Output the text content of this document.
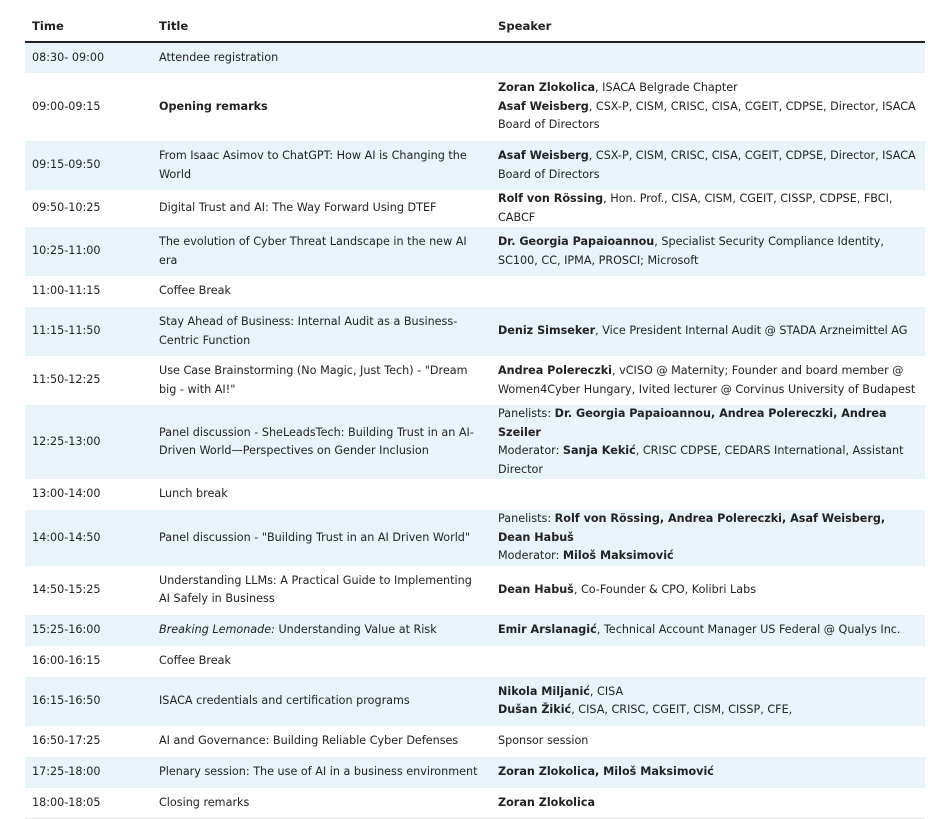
Time	Title	Speaker
08:30- 09:00	Attendee registration	
09:00-09:15	Opening remarks	Zoran Zlokolica, ISACA Belgrade Chapter
Asaf Weisberg, CSX-P, CISM, CRISC, CISA, CGEIT, CDPSE, Director, ISACA Board of Directors

09:15-09:50	From Isaac Asimov to ChatGPT: How AI is Changing the World	Asaf Weisberg, CSX-P, CISM, CRISC, CISA, CGEIT, CDPSE, Director, ISACA Board of Directors

09:50-10:25	Digital Trust and AI: The Way Forward Using DTEF	Rolf von Rössing, Hon. Prof., CISA, CISM, CGEIT, CISSP, CDPSE, FBCI, CABCF

10:25-11:00	The evolution of Cyber Threat Landscape in the new AI era	Dr. Georgia Papaioannou, Specialist Security Compliance Identity, SC100, CC, IPMA, PROSCI; Microsoft

11:00-11:15	Coffee Break	
11:15-11:50	Stay Ahead of Business: Internal Audit as a Business-Centric Function	Deniz Simseker, Vice President Internal Audit @ STADA Arzneimittel AG

11:50-12:25	Use Case Brainstorming (No Magic, Just Tech) - "Dream big - with AI!"	Andrea Polereczki, vCISO @ Maternity; Founder and board member @ Women4Cyber Hungary, Ivited lecturer @ Corvinus University of Budapest

12:25-13:00	Panel discussion - SheLeadsTech: Building Trust in an AI-Driven World—Perspectives on Gender Inclusion	Panelists: Dr. Georgia Papaioannou, Andrea Polereczki, Andrea Szeiler
Moderator: Sanja Kekić, CRISC CDPSE, CEDARS International, Assistant Director

13:00-14:00	Lunch break	
14:00-14:50	Panel discussion - "Building Trust in an AI Driven World"	Panelists: Rolf von Rössing, Andrea Polereczki, Asaf Weisberg, Dean Habuš
Moderator: Miloš Maksimović

14:50-15:25	Understanding LLMs: A Practical Guide to Implementing AI Safely in Business	Dean Habuš, Co-Founder & CPO, Kolibri Labs

15:25-16:00	Breaking Lemonade: Understanding Value at Risk	Emir Arslanagić, Technical Account Manager US Federal @ Qualys Inc.

16:00-16:15	Coffee Break	
16:15-16:50	ISACA credentials and certification programs	Nikola Miljanić, CISA
Dušan Žikić, CISA, CRISC, CGEIT, CISM, CISSP, CFE,

16:50-17:25	AI and Governance: Building Reliable Cyber Defenses	Sponsor session

17:25-18:00	Plenary session: The use of AI in a business environment	Zoran Zlokolica, Miloš Maksimović

18:00-18:05	Closing remarks	Zoran Zlokolica
